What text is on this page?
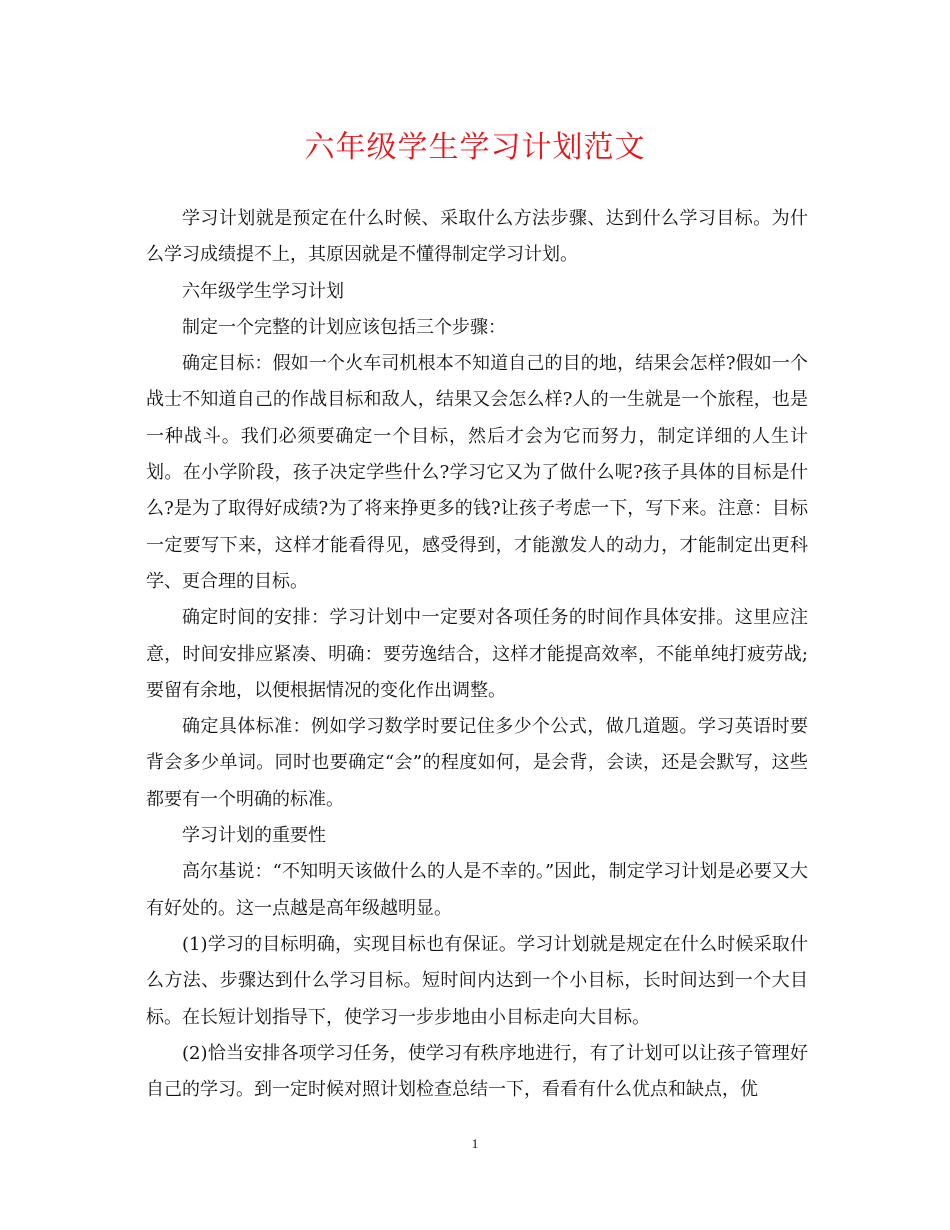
六年级学生学习计划范文

学习计划就是预定在什么时候、采取什么方法步骤、达到什么学习目标。为什么学习成绩提不上，其原因就是不懂得制定学习计划。

六年级学生学习计划

制定一个完整的计划应该包括三个步骤：

确定目标：假如一个火车司机根本不知道自己的目的地，结果会怎样?假如一个战士不知道自己的作战目标和敌人，结果又会怎么样?人的一生就是一个旅程，也是一种战斗。我们必须要确定一个目标，然后才会为它而努力，制定详细的人生计划。在小学阶段，孩子决定学些什么?学习它又为了做什么呢?孩子具体的目标是什么?是为了取得好成绩?为了将来挣更多的钱?让孩子考虑一下，写下来。注意：目标一定要写下来，这样才能看得见，感受得到，才能激发人的动力，才能制定出更科学、更合理的目标。

确定时间的安排：学习计划中一定要对各项任务的时间作具体安排。这里应注意，时间安排应紧凑、明确：要劳逸结合，这样才能提高效率，不能单纯打疲劳战;要留有余地，以便根据情况的变化作出调整。

确定具体标准：例如学习数学时要记住多少个公式，做几道题。学习英语时要背会多少单词。同时也要确定“会”的程度如何，是会背，会读，还是会默写，这些都要有一个明确的标准。

学习计划的重要性

高尔基说：“不知明天该做什么的人是不幸的。”因此，制定学习计划是必要又大有好处的。这一点越是高年级越明显。

(1)学习的目标明确，实现目标也有保证。学习计划就是规定在什么时候采取什么方法、步骤达到什么学习目标。短时间内达到一个小目标，长时间达到一个大目标。在长短计划指导下，使学习一步步地由小目标走向大目标。

(2)恰当安排各项学习任务，使学习有秩序地进行，有了计划可以让孩子管理好自己的学习。到一定时候对照计划检查总结一下，看看有什么优点和缺点，优

1
